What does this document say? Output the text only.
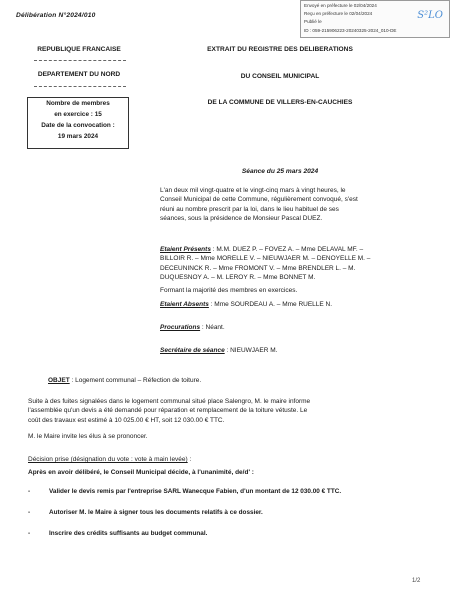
Délibération N°2024/010
Envoyé en préfecture le 02/04/2024
Reçu en préfecture le 02/04/2024
Publié le
ID : 059-215906223-20240325-2024_010-DE
S²LO
REPUBLIQUE FRANCAISE
DEPARTEMENT DU NORD
Nombre de membres
en exercice : 15
Date de la convocation :
19 mars 2024
EXTRAIT DU REGISTRE DES DELIBERATIONS
DU CONSEIL MUNICIPAL
DE LA COMMUNE DE VILLERS-EN-CAUCHIES
Séance du 25 mars 2024
L'an deux mil vingt-quatre et le vingt-cinq mars à vingt heures, le
Conseil Municipal de cette Commune, régulièrement convoqué, s'est
réuni au nombre prescrit par la loi, dans le lieu habituel de ses
séances, sous la présidence de Monsieur Pascal DUEZ.
Etaient Présents : M.M. DUEZ P. – FOVEZ A. – Mme DELAVAL MF. –
BILLOIR R. – Mme MORELLE V. – NIEUWJAER M. – DENOYELLE M. –
DECEUNINCK R. – Mme FROMONT V. – Mme BRENDLER L. – M.
DUQUESNOY A. – M. LEROY R. – Mme BONNET M.
Formant la majorité des membres en exercices.
Etaient Absents : Mme SOURDEAU A. – Mme RUELLE N.
Procurations : Néant.
Secrétaire de séance : NIEUWJAER M.
OBJET : Logement communal – Réfection de toiture.
Suite à des fuites signalées dans le logement communal situé place Salengro, M. le maire informe
l'assemblée qu'un devis a été demandé pour réparation et remplacement de la toiture vétuste. Le
coût des travaux est estimé à 10 025.00 € HT, soit 12 030.00 € TTC.
M. le Maire invite les élus à se prononcer.
Décision prise (désignation du vote : vote à main levée) :
Après en avoir délibéré, le Conseil Municipal décide, à l'unanimité, de/d' :
-	Valider le devis remis par l'entreprise SARL Wanecque Fabien, d'un montant de 12 030.00 € TTC.
-	Autoriser M. le Maire à signer tous les documents relatifs à ce dossier.
-	Inscrire des crédits suffisants au budget communal.
1/2
